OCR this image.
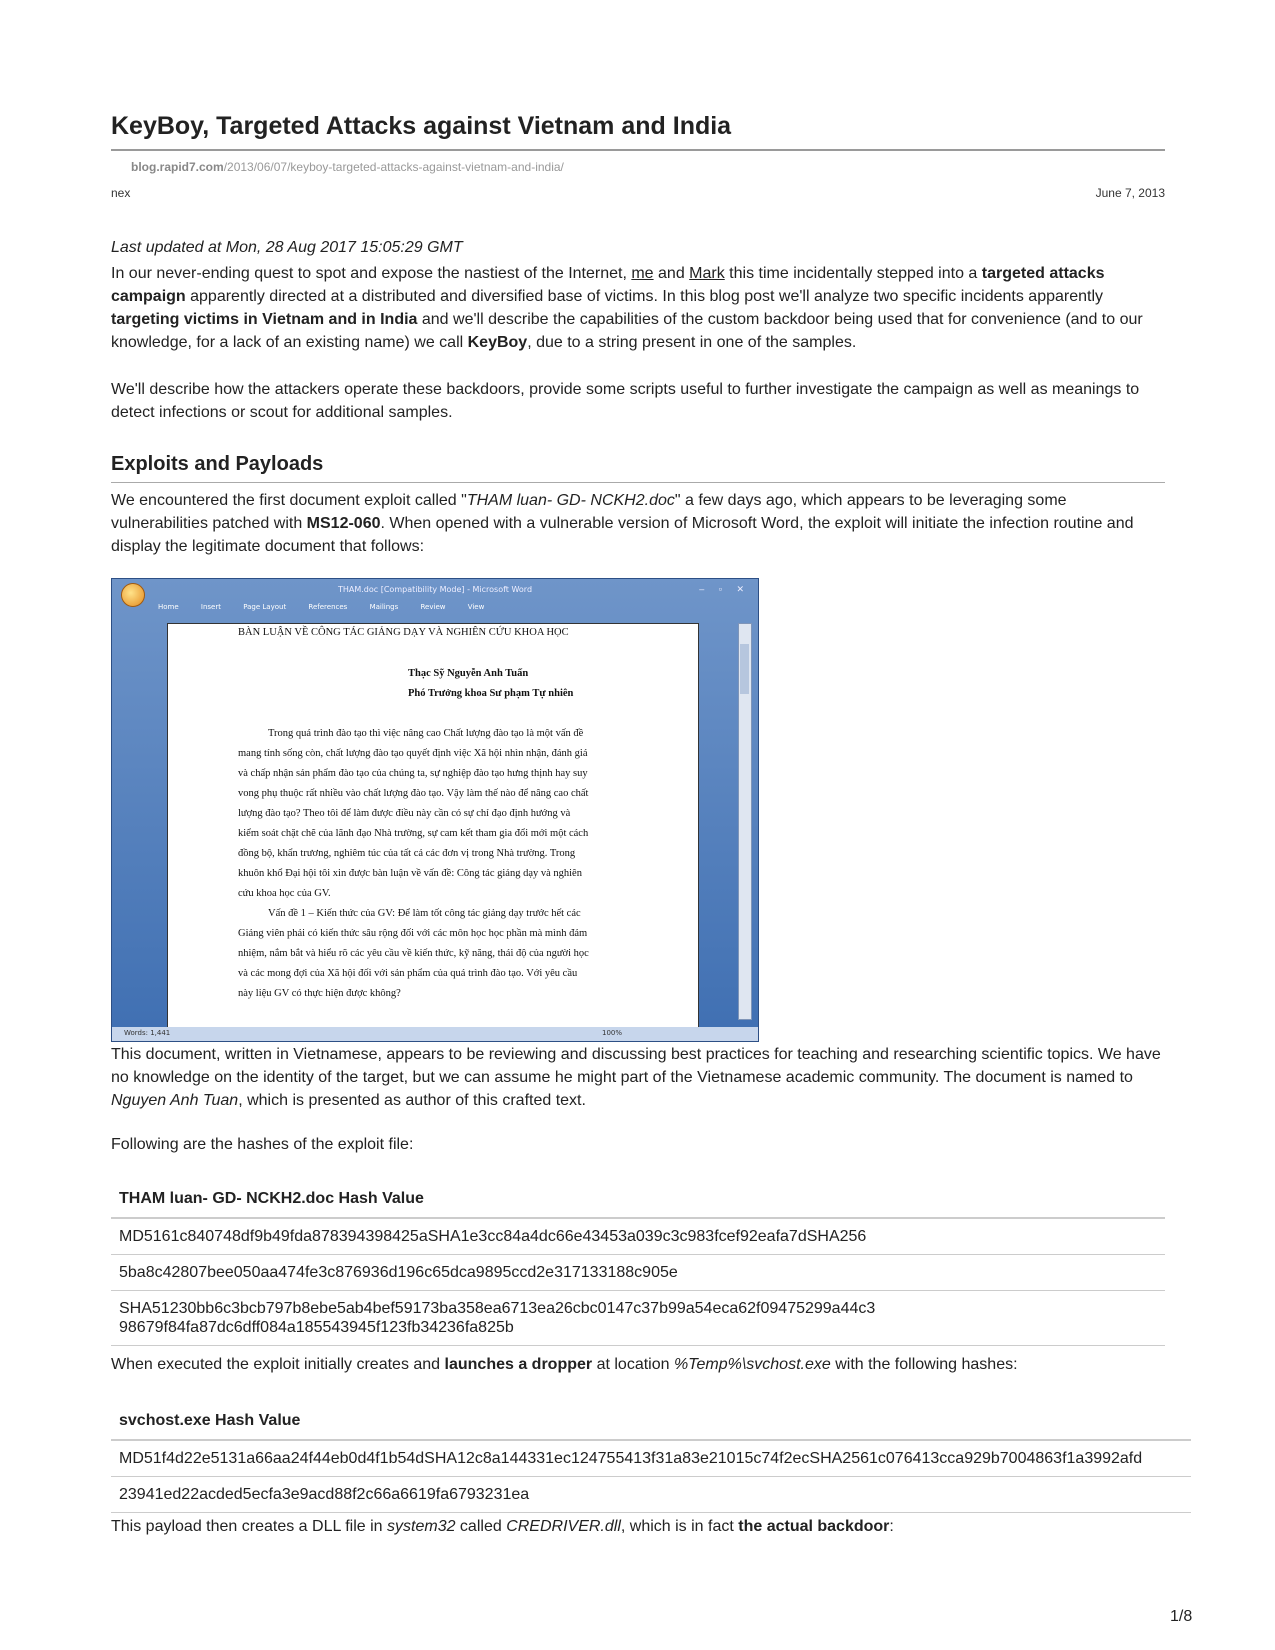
KeyBoy, Targeted Attacks against Vietnam and India
blog.rapid7.com/2013/06/07/keyboy-targeted-attacks-against-vietnam-and-india/
nex	June 7, 2013

Last updated at Mon, 28 Aug 2017 15:05:29 GMT

In our never-ending quest to spot and expose the nastiest of the Internet, me and Mark this time incidentally stepped into a targeted attacks campaign apparently directed at a distributed and diversified base of victims. In this blog post we'll analyze two specific incidents apparently targeting victims in Vietnam and in India and we'll describe the capabilities of the custom backdoor being used that for convenience (and to our knowledge, for a lack of an existing name) we call KeyBoy, due to a string present in one of the samples.

We'll describe how the attackers operate these backdoors, provide some scripts useful to further investigate the campaign as well as meanings to detect infections or scout for additional samples.

Exploits and Payloads

We encountered the first document exploit called "THAM luan- GD- NCKH2.doc" a few days ago, which appears to be leveraging some vulnerabilities patched with MS12-060. When opened with a vulnerable version of Microsoft Word, the exploit will initiate the infection routine and display the legitimate document that follows:

THAM.doc [Compatibility Mode] - Microsoft Word	– ▫ ✕
Home	Insert	Page Layout	References	Mailings	Review	View
BÀN LUẬN VỀ CÔNG TÁC GIẢNG DẠY VÀ NGHIÊN CỨU KHOA HỌC
Thạc Sỹ Nguyễn Anh Tuấn
Phó Trưởng khoa Sư phạm Tự nhiên
Trong quá trình đào tạo thì việc nâng cao Chất lượng đào tạo là một vấn đề
mang tính sống còn, chất lượng đào tạo quyết định việc Xã hội nhìn nhận, đánh giá
và chấp nhận sản phẩm đào tạo của chúng ta, sự nghiệp đào tạo hưng thịnh hay suy
vong phụ thuộc rất nhiều vào chất lượng đào tạo. Vậy làm thế nào để nâng cao chất
lượng đào tạo? Theo tôi để làm được điều này cần có sự chỉ đạo định hướng và
kiểm soát chặt chẽ của lãnh đạo Nhà trường, sự cam kết tham gia đổi mới một cách
đồng bộ, khẩn trương, nghiêm túc của tất cả các đơn vị trong Nhà trường. Trong
khuôn khổ Đại hội tôi xin được bàn luận về vấn đề: Công tác giảng dạy và nghiên
cứu khoa học của GV.
Vấn đề 1 – Kiến thức của GV: Để làm tốt công tác giảng dạy trước hết các
Giảng viên phải có kiến thức sâu rộng đối với các môn học học phần mà mình đảm
nhiệm, nắm bắt và hiểu rõ các yêu cầu về kiến thức, kỹ năng, thái độ của người học
và các mong đợi của Xã hội đối với sản phẩm của quá trình đào tạo. Với yêu cầu
này liệu GV có thực hiện được không?
Words: 1,441	100%

This document, written in Vietnamese, appears to be reviewing and discussing best practices for teaching and researching scientific topics. We have no knowledge on the identity of the target, but we can assume he might part of the Vietnamese academic community. The document is named to Nguyen Anh Tuan, which is presented as author of this crafted text.

Following are the hashes of the exploit file:

THAM luan- GD- NCKH2.doc Hash Value
MD5161c840748df9b49fda878394398425aSHA1e3cc84a4dc66e43453a039c3c983fcef92eafa7dSHA256
5ba8c42807bee050aa474fe3c876936d196c65dca9895ccd2e317133188c905e
SHA51230bb6c3bcb797b8ebe5ab4bef59173ba358ea6713ea26cbc0147c37b99a54eca62f09475299a44c3
98679f84fa87dc6dff084a185543945f123fb34236fa825b

When executed the exploit initially creates and launches a dropper at location %Temp%\svchost.exe with the following hashes:

svchost.exe Hash Value
MD51f4d22e5131a66aa24f44eb0d4f1b54dSHA12c8a144331ec124755413f31a83e21015c74f2ecSHA2561c076413cca929b7004863f1a3992afd
23941ed22acded5ecfa3e9acd88f2c66a6619fa6793231ea

This payload then creates a DLL file in system32 called CREDRIVER.dll, which is in fact the actual backdoor:

1/8
